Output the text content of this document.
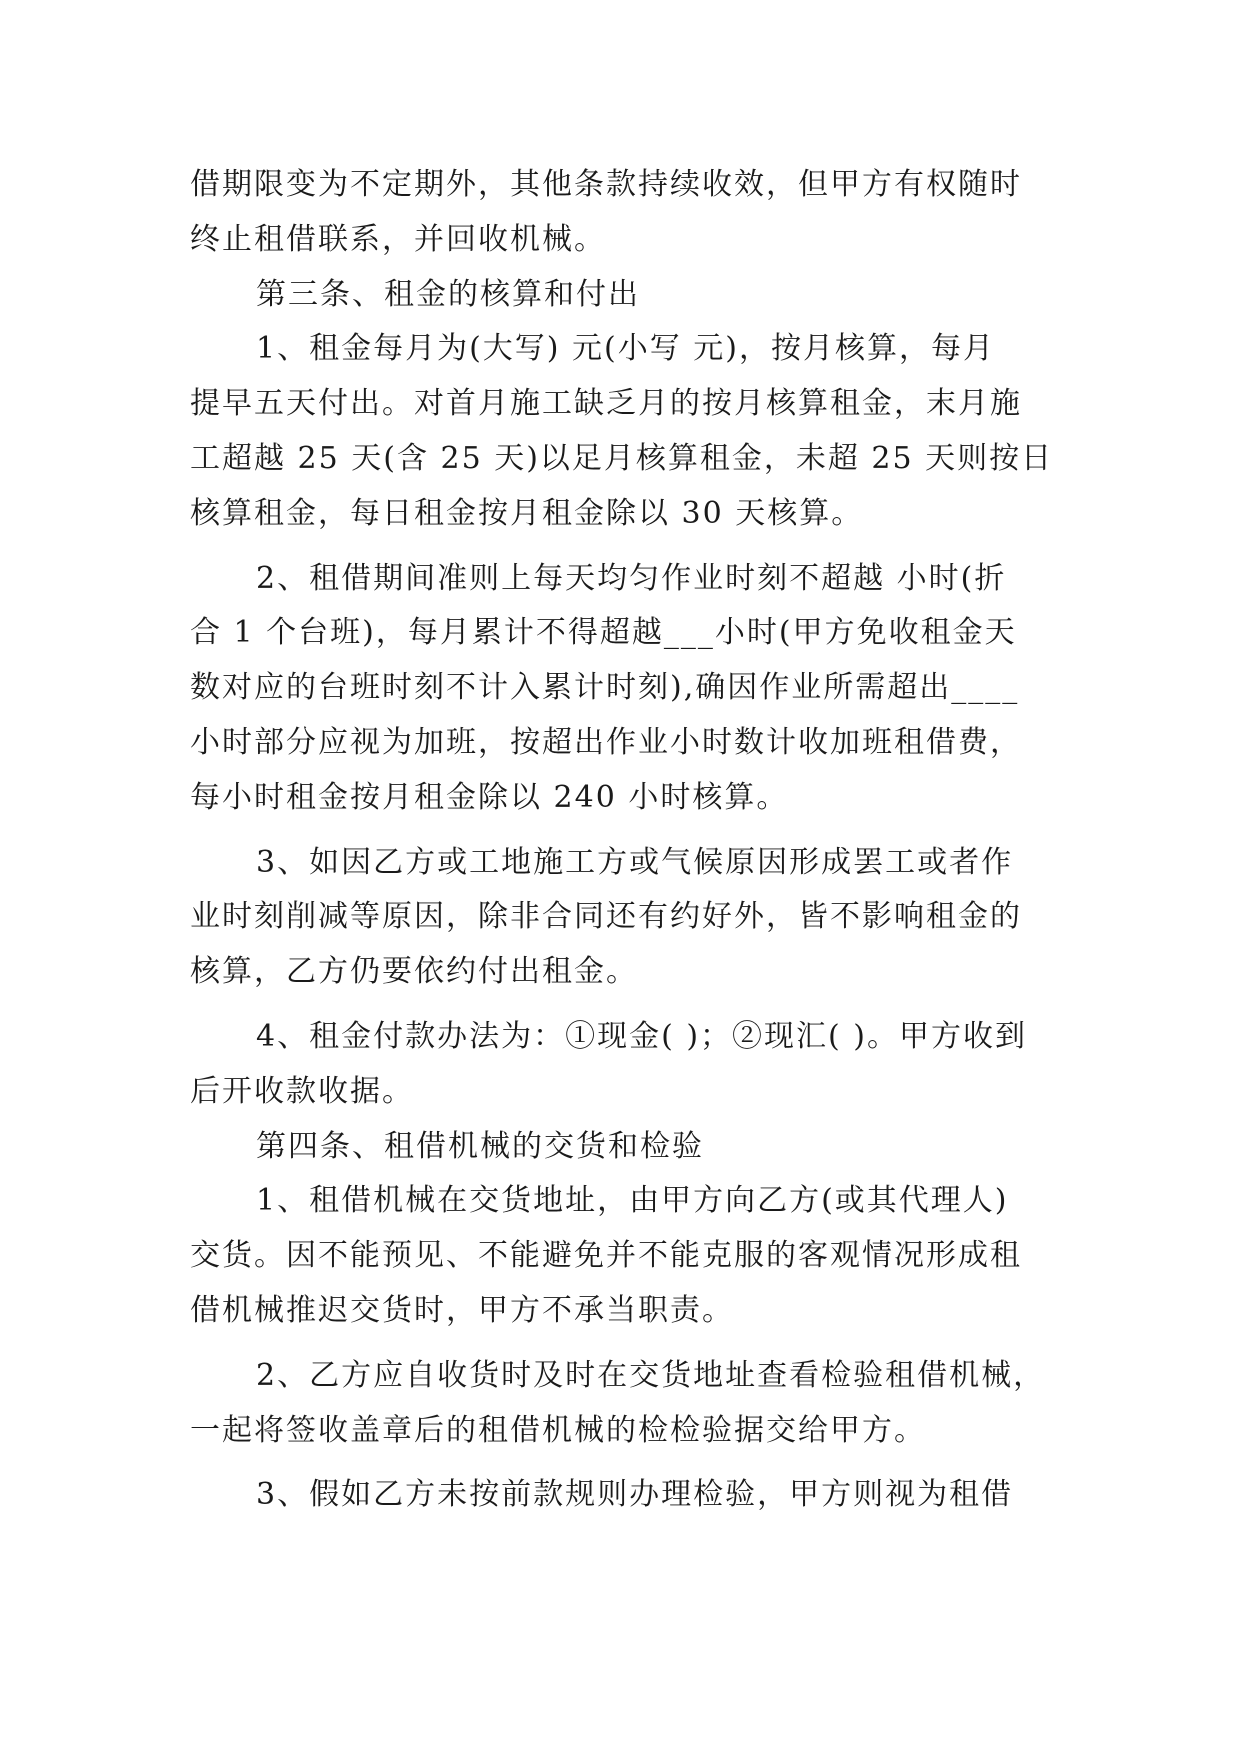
借期限变为不定期外，其他条款持续收效，但甲方有权随时
终止租借联系，并回收机械。
第三条、租金的核算和付出
1、租金每月为(大写) 元(小写 元)，按月核算，每月
提早五天付出。对首月施工缺乏月的按月核算租金，末月施
工超越 25 天(含 25 天)以足月核算租金，未超 25 天则按日
核算租金，每日租金按月租金除以 30 天核算。
2、租借期间准则上每天均匀作业时刻不超越 小时(折
合 1 个台班)，每月累计不得超越___小时(甲方免收租金天
数对应的台班时刻不计入累计时刻),确因作业所需超出____
小时部分应视为加班，按超出作业小时数计收加班租借费，
每小时租金按月租金除以 240 小时核算。
3、如因乙方或工地施工方或气候原因形成罢工或者作
业时刻削减等原因，除非合同还有约好外，皆不影响租金的
核算，乙方仍要依约付出租金。
4、租金付款办法为：①现金( )；②现汇( )。甲方收到
后开收款收据。
第四条、租借机械的交货和检验
1、租借机械在交货地址，由甲方向乙方(或其代理人)
交货。因不能预见、不能避免并不能克服的客观情况形成租
借机械推迟交货时，甲方不承当职责。
2、乙方应自收货时及时在交货地址查看检验租借机械，
一起将签收盖章后的租借机械的检检验据交给甲方。
3、假如乙方未按前款规则办理检验，甲方则视为租借
